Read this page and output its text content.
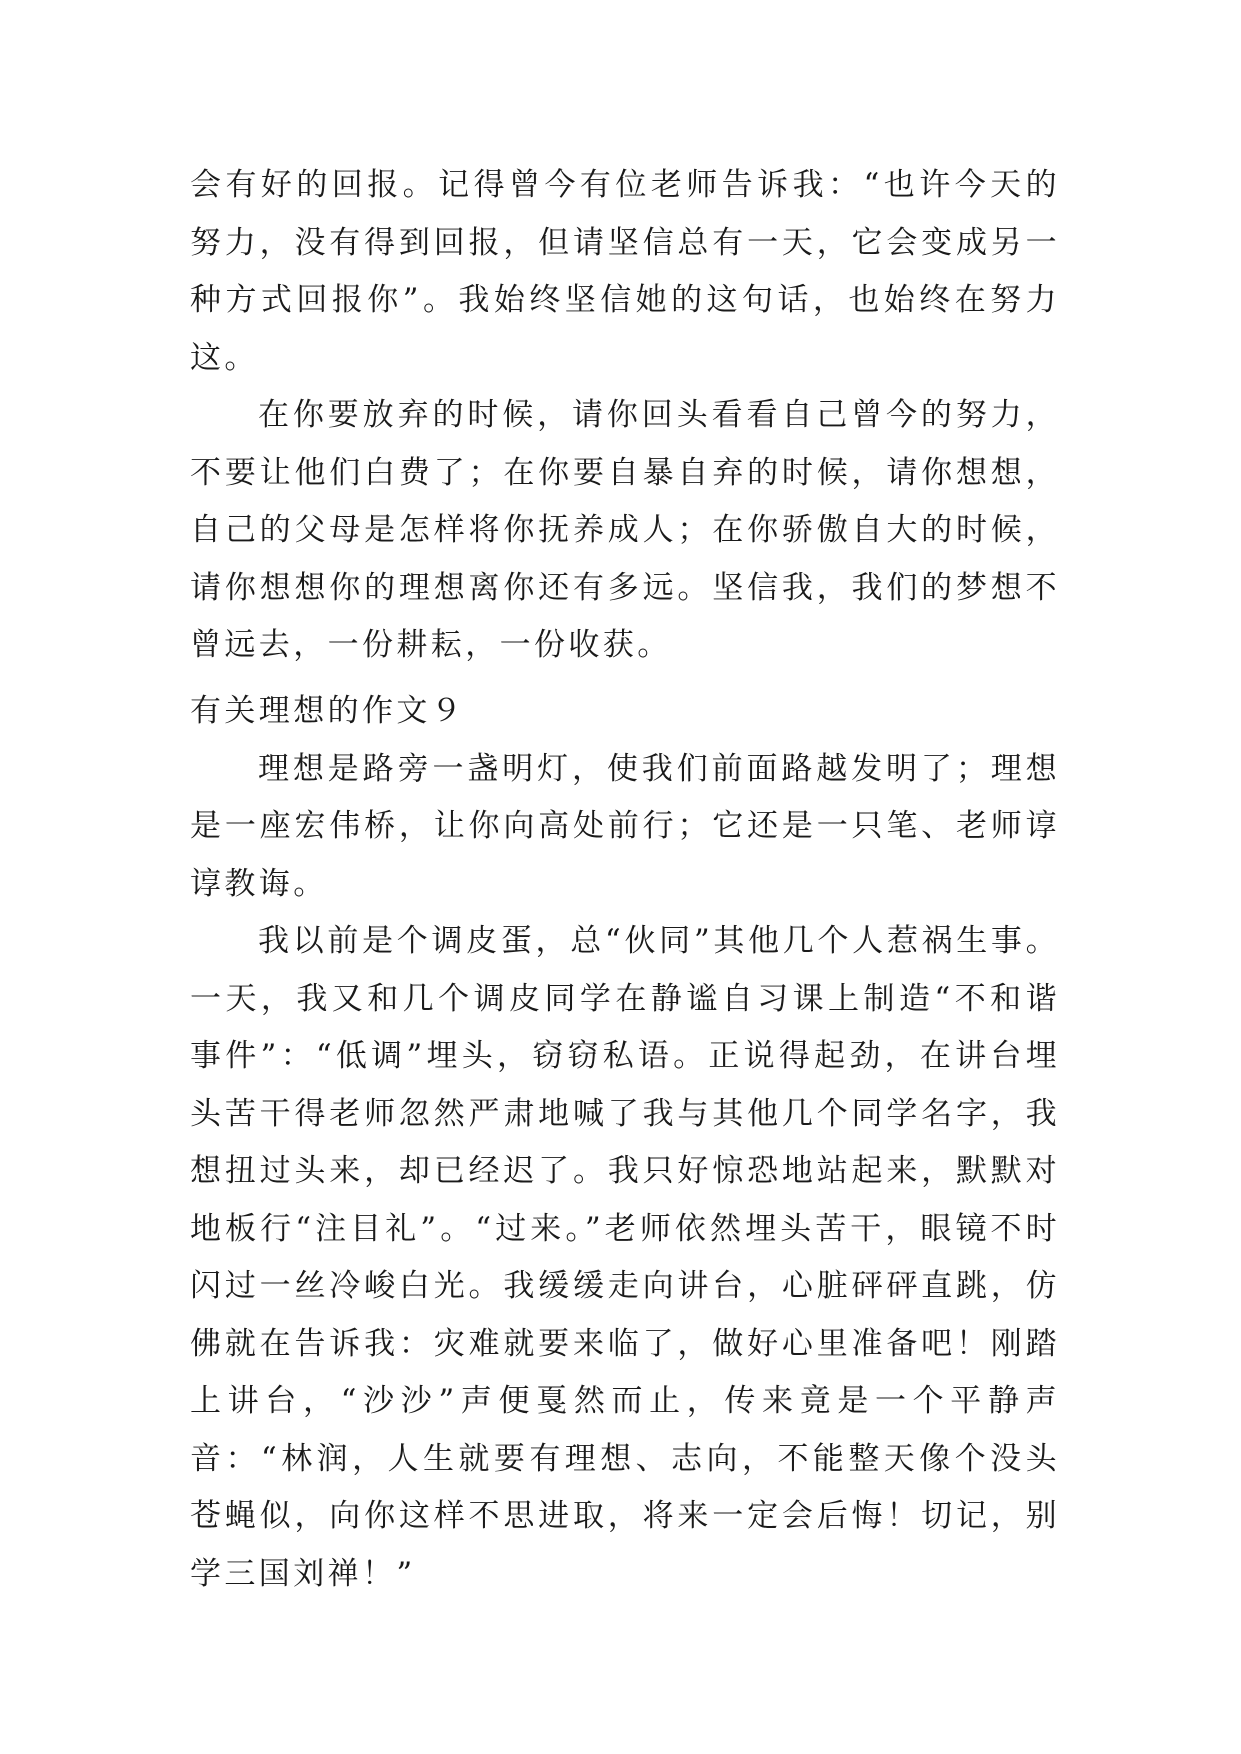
会有好的回报。记得曾今有位老师告诉我：“也许今天的努力，没有得到回报，但请坚信总有一天，它会变成另一种方式回报你”。我始终坚信她的这句话，也始终在努力这。

在你要放弃的时候，请你回头看看自己曾今的努力，不要让他们白费了；在你要自暴自弃的时候，请你想想，自己的父母是怎样将你抚养成人；在你骄傲自大的时候，请你想想你的理想离你还有多远。坚信我，我们的梦想不曾远去，一份耕耘，一份收获。

有关理想的作文９

理想是路旁一盏明灯，使我们前面路越发明了；理想是一座宏伟桥，让你向高处前行；它还是一只笔、老师谆谆教诲。

我以前是个调皮蛋，总“伙同”其他几个人惹祸生事。一天，我又和几个调皮同学在静谧自习课上制造“不和谐事件”：“低调”埋头，窃窃私语。正说得起劲，在讲台埋头苦干得老师忽然严肃地喊了我与其他几个同学名字，我想扭过头来，却已经迟了。我只好惊恐地站起来，默默对地板行“注目礼”。“过来。”老师依然埋头苦干，眼镜不时闪过一丝冷峻白光。我缓缓走向讲台，心脏砰砰直跳，仿佛就在告诉我：灾难就要来临了，做好心里准备吧！刚踏上讲台，“沙沙”声便戛然而止，传来竟是一个平静声音：“林润，人生就要有理想、志向，不能整天像个没头苍蝇似，向你这样不思进取，将来一定会后悔！切记，别学三国刘禅！”
